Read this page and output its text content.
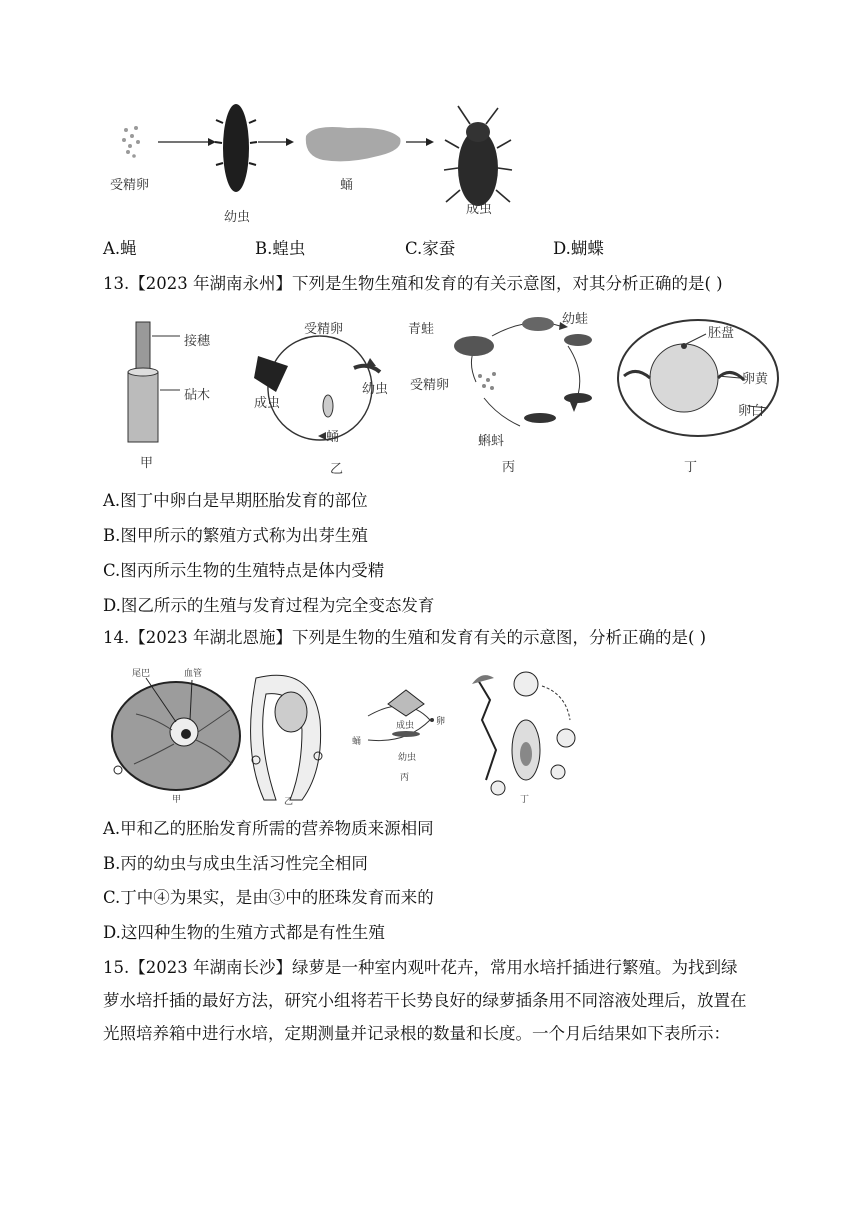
受精卵
幼虫
蛹
成虫
A.蝇	B.蝗虫	C.家蚕	D.蝴蝶
13.【2023 年湖南永州】下列是生物生殖和发育的有关示意图，对其分析正确的是( )
接穗
砧木
甲
受精卵
幼虫
成虫
蛹
乙
青蛙
幼蛙
受精卵
蝌蚪
丙
胚盘
卵黄
卵白
丁
A.图丁中卵白是早期胚胎发育的部位
B.图甲所示的繁殖方式称为出芽生殖
C.图丙所示生物的生殖特点是体内受精
D.图乙所示的生殖与发育过程为完全变态发育
14.【2023 年湖北恩施】下列是生物的生殖和发育有关的示意图，分析正确的是( )
尾巴	血管
甲	乙
成虫 卵
蛹
幼虫
丙
丁
A.甲和乙的胚胎发育所需的营养物质来源相同
B.丙的幼虫与成虫生活习性完全相同
C.丁中④为果实，是由③中的胚珠发育而来的
D.这四种生物的生殖方式都是有性生殖
15.【2023 年湖南长沙】绿萝是一种室内观叶花卉，常用水培扦插进行繁殖。为找到绿萝水培扦插的最好方法，研究小组将若干长势良好的绿萝插条用不同溶液处理后，放置在光照培养箱中进行水培，定期测量并记录根的数量和长度。一个月后结果如下表所示：
